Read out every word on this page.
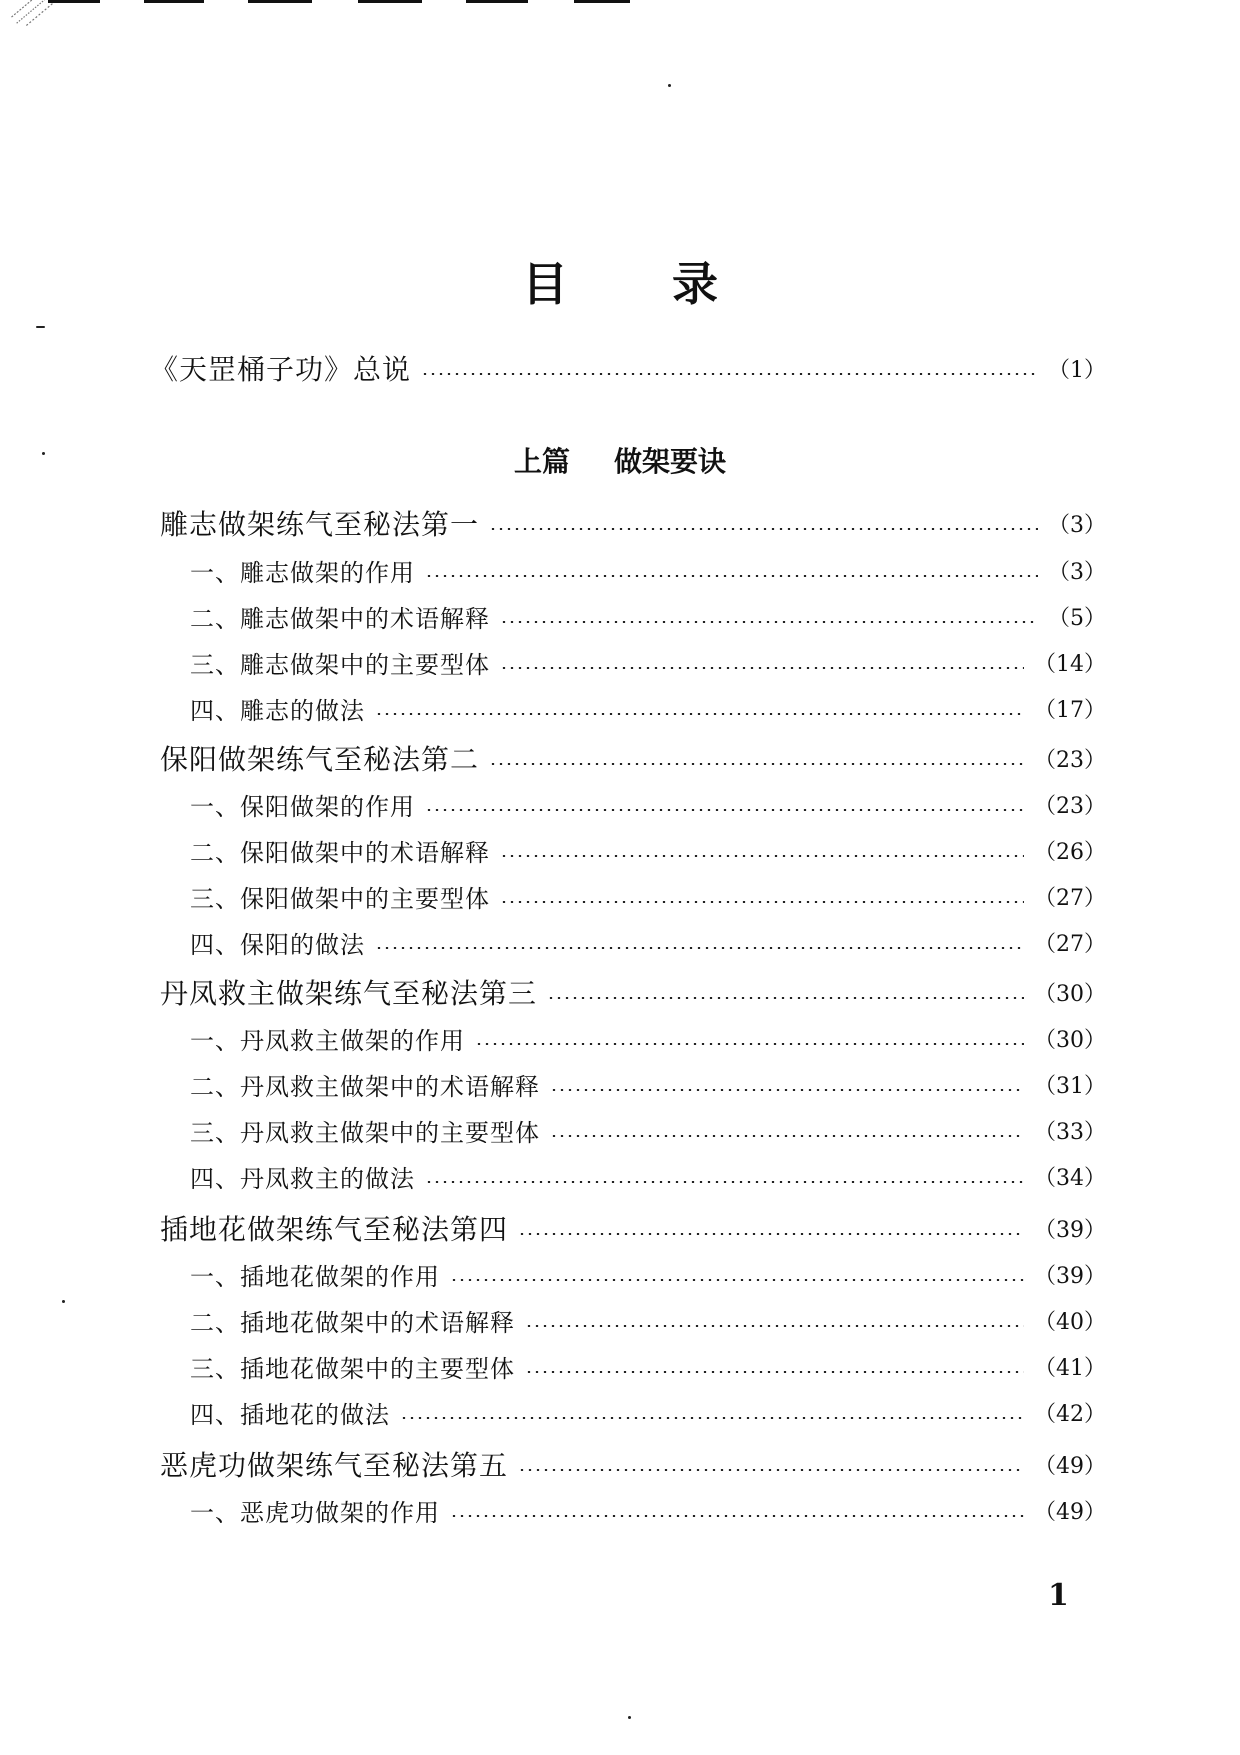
目 录
《天罡桶子功》总说	（1）
上篇 做架要诀
雕志做架练气至秘法第一	（3）
一、雕志做架的作用	（3）
二、雕志做架中的术语解释	（5）
三、雕志做架中的主要型体	（14）
四、雕志的做法	（17）
保阳做架练气至秘法第二	（23）
一、保阳做架的作用	（23）
二、保阳做架中的术语解释	（26）
三、保阳做架中的主要型体	（27）
四、保阳的做法	（27）
丹凤救主做架练气至秘法第三	（30）
一、丹凤救主做架的作用	（30）
二、丹凤救主做架中的术语解释	（31）
三、丹凤救主做架中的主要型体	（33）
四、丹凤救主的做法	（34）
插地花做架练气至秘法第四	（39）
一、插地花做架的作用	（39）
二、插地花做架中的术语解释	（40）
三、插地花做架中的主要型体	（41）
四、插地花的做法	（42）
恶虎功做架练气至秘法第五	（49）
一、恶虎功做架的作用	（49）
1
